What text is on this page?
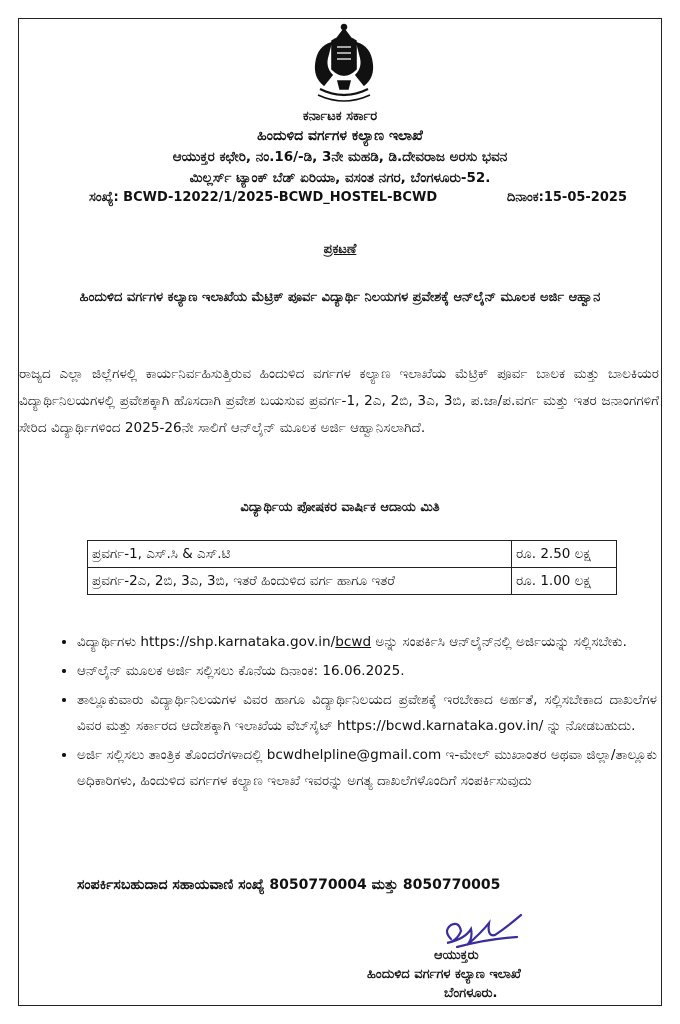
ಕರ್ನಾಟಕ ಸರ್ಕಾರ
ಹಿಂದುಳಿದ ವರ್ಗಗಳ ಕಲ್ಯಾಣ ಇಲಾಖೆ
ಆಯುಕ್ತರ ಕಛೇರಿ, ನಂ.16/-ಡಿ, 3ನೇ ಮಹಡಿ, ಡಿ.ದೇವರಾಜ ಅರಸು ಭವನ
ಮಿಲ್ಲರ್ಸ್ ಟ್ಯಾಂಕ್ ಬೆಡ್ ಏರಿಯಾ, ವಸಂತ ನಗರ, ಬೆಂಗಳೂರು-52.
ಸಂಖ್ಯೆ: BCWD-12022/1/2025-BCWD_HOSTEL-BCWD	ದಿನಾಂಕ:15-05-2025
ಪ್ರಕಟಣೆ
ಹಿಂದುಳಿದ ವರ್ಗಗಳ ಕಲ್ಯಾಣ ಇಲಾಖೆಯ ಮೆಟ್ರಿಕ್ ಪೂರ್ವ ವಿದ್ಯಾರ್ಥಿ ನಿಲಯಗಳ ಪ್ರವೇಶಕ್ಕೆ ಆನ್‌ಲೈನ್ ಮೂಲಕ ಅರ್ಜಿ ಆಹ್ವಾನ

ರಾಜ್ಯದ ಎಲ್ಲಾ ಜಿಲ್ಲೆಗಳಲ್ಲಿ ಕಾರ್ಯನಿರ್ವಹಿಸುತ್ತಿರುವ ಹಿಂದುಳಿದ ವರ್ಗಗಳ ಕಲ್ಯಾಣ ಇಲಾಖೆಯ ಮೆಟ್ರಿಕ್ ಪೂರ್ವ ಬಾಲಕ ಮತ್ತು ಬಾಲಕಿಯರ ವಿದ್ಯಾರ್ಥಿನಿಲಯಗಳಲ್ಲಿ ಪ್ರವೇಶಕ್ಕಾಗಿ ಹೊಸದಾಗಿ ಪ್ರವೇಶ ಬಯಸುವ ಪ್ರವರ್ಗ-1, 2ಎ, 2ಬಿ, 3ಎ, 3ಬಿ, ಪ.ಜಾ/ಪ.ವರ್ಗ ಮತ್ತು ಇತರ ಜನಾಂಗಗಳಿಗೆ ಸೇರಿದ ವಿದ್ಯಾರ್ಥಿಗಳಿಂದ 2025-26ನೇ ಸಾಲಿಗೆ ಆನ್‌ಲೈನ್ ಮೂಲಕ ಅರ್ಜಿ ಆಹ್ವಾನಿಸಲಾಗಿದೆ.

ವಿದ್ಯಾರ್ಥಿಯ ಪೋಷಕರ ವಾರ್ಷಿಕ ಆದಾಯ ಮಿತಿ
ಪ್ರವರ್ಗ-1, ಎಸ್.ಸಿ & ಎಸ್.ಟಿ	ರೂ. 2.50 ಲಕ್ಷ
ಪ್ರವರ್ಗ-2ಎ, 2ಬಿ, 3ಎ, 3ಬಿ, ಇತರೆ ಹಿಂದುಳಿದ ವರ್ಗ ಹಾಗೂ ಇತರೆ	ರೂ. 1.00 ಲಕ್ಷ
• ವಿದ್ಯಾರ್ಥಿಗಳು https://shp.karnataka.gov.in/bcwd ಅನ್ನು ಸಂಪರ್ಕಿಸಿ ಆನ್‌ಲೈನ್‌ನಲ್ಲಿ ಅರ್ಜಿಯನ್ನು ಸಲ್ಲಿಸಬೇಕು.
• ಆನ್‌ಲೈನ್ ಮೂಲಕ ಅರ್ಜಿ ಸಲ್ಲಿಸಲು ಕೊನೆಯ ದಿನಾಂಕ: 16.06.2025.
• ತಾಲ್ಲೂಕುವಾರು ವಿದ್ಯಾರ್ಥಿನಿಲಯಗಳ ವಿವರ ಹಾಗೂ ವಿದ್ಯಾರ್ಥಿನಿಲಯದ ಪ್ರವೇಶಕ್ಕೆ ಇರಬೇಕಾದ ಅರ್ಹತೆ, ಸಲ್ಲಿಸಬೇಕಾದ ದಾಖಲೆಗಳ ವಿವರ ಮತ್ತು ಸರ್ಕಾರದ ಆದೇಶಕ್ಕಾಗಿ ಇಲಾಖೆಯ ವೆಬ್‌ಸೈಟ್ https://bcwd.karnataka.gov.in/ ನ್ನು ನೋಡಬಹುದು.
• ಅರ್ಜಿ ಸಲ್ಲಿಸಲು ತಾಂತ್ರಿಕ ತೊಂದರೆಗಳಾದಲ್ಲಿ bcwdhelpline@gmail.com ಇ-ಮೇಲ್ ಮುಖಾಂತರ ಅಥವಾ ಜಿಲ್ಲಾ/ತಾಲ್ಲೂಕು ಅಧಿಕಾರಿಗಳು, ಹಿಂದುಳಿದ ವರ್ಗಗಳ ಕಲ್ಯಾಣ ಇಲಾಖೆ ಇವರನ್ನು ಅಗತ್ಯ ದಾಖಲೆಗಳೊಂದಿಗೆ ಸಂಪರ್ಕಿಸುವುದು
ಸಂಪರ್ಕಿಸಬಹುದಾದ ಸಹಾಯವಾಣಿ ಸಂಖ್ಯೆ 8050770004 ಮತ್ತು 8050770005
ಆಯುಕ್ತರು
ಹಿಂದುಳಿದ ವರ್ಗಗಳ ಕಲ್ಯಾಣ ಇಲಾಖೆ
ಬೆಂಗಳೂರು.
